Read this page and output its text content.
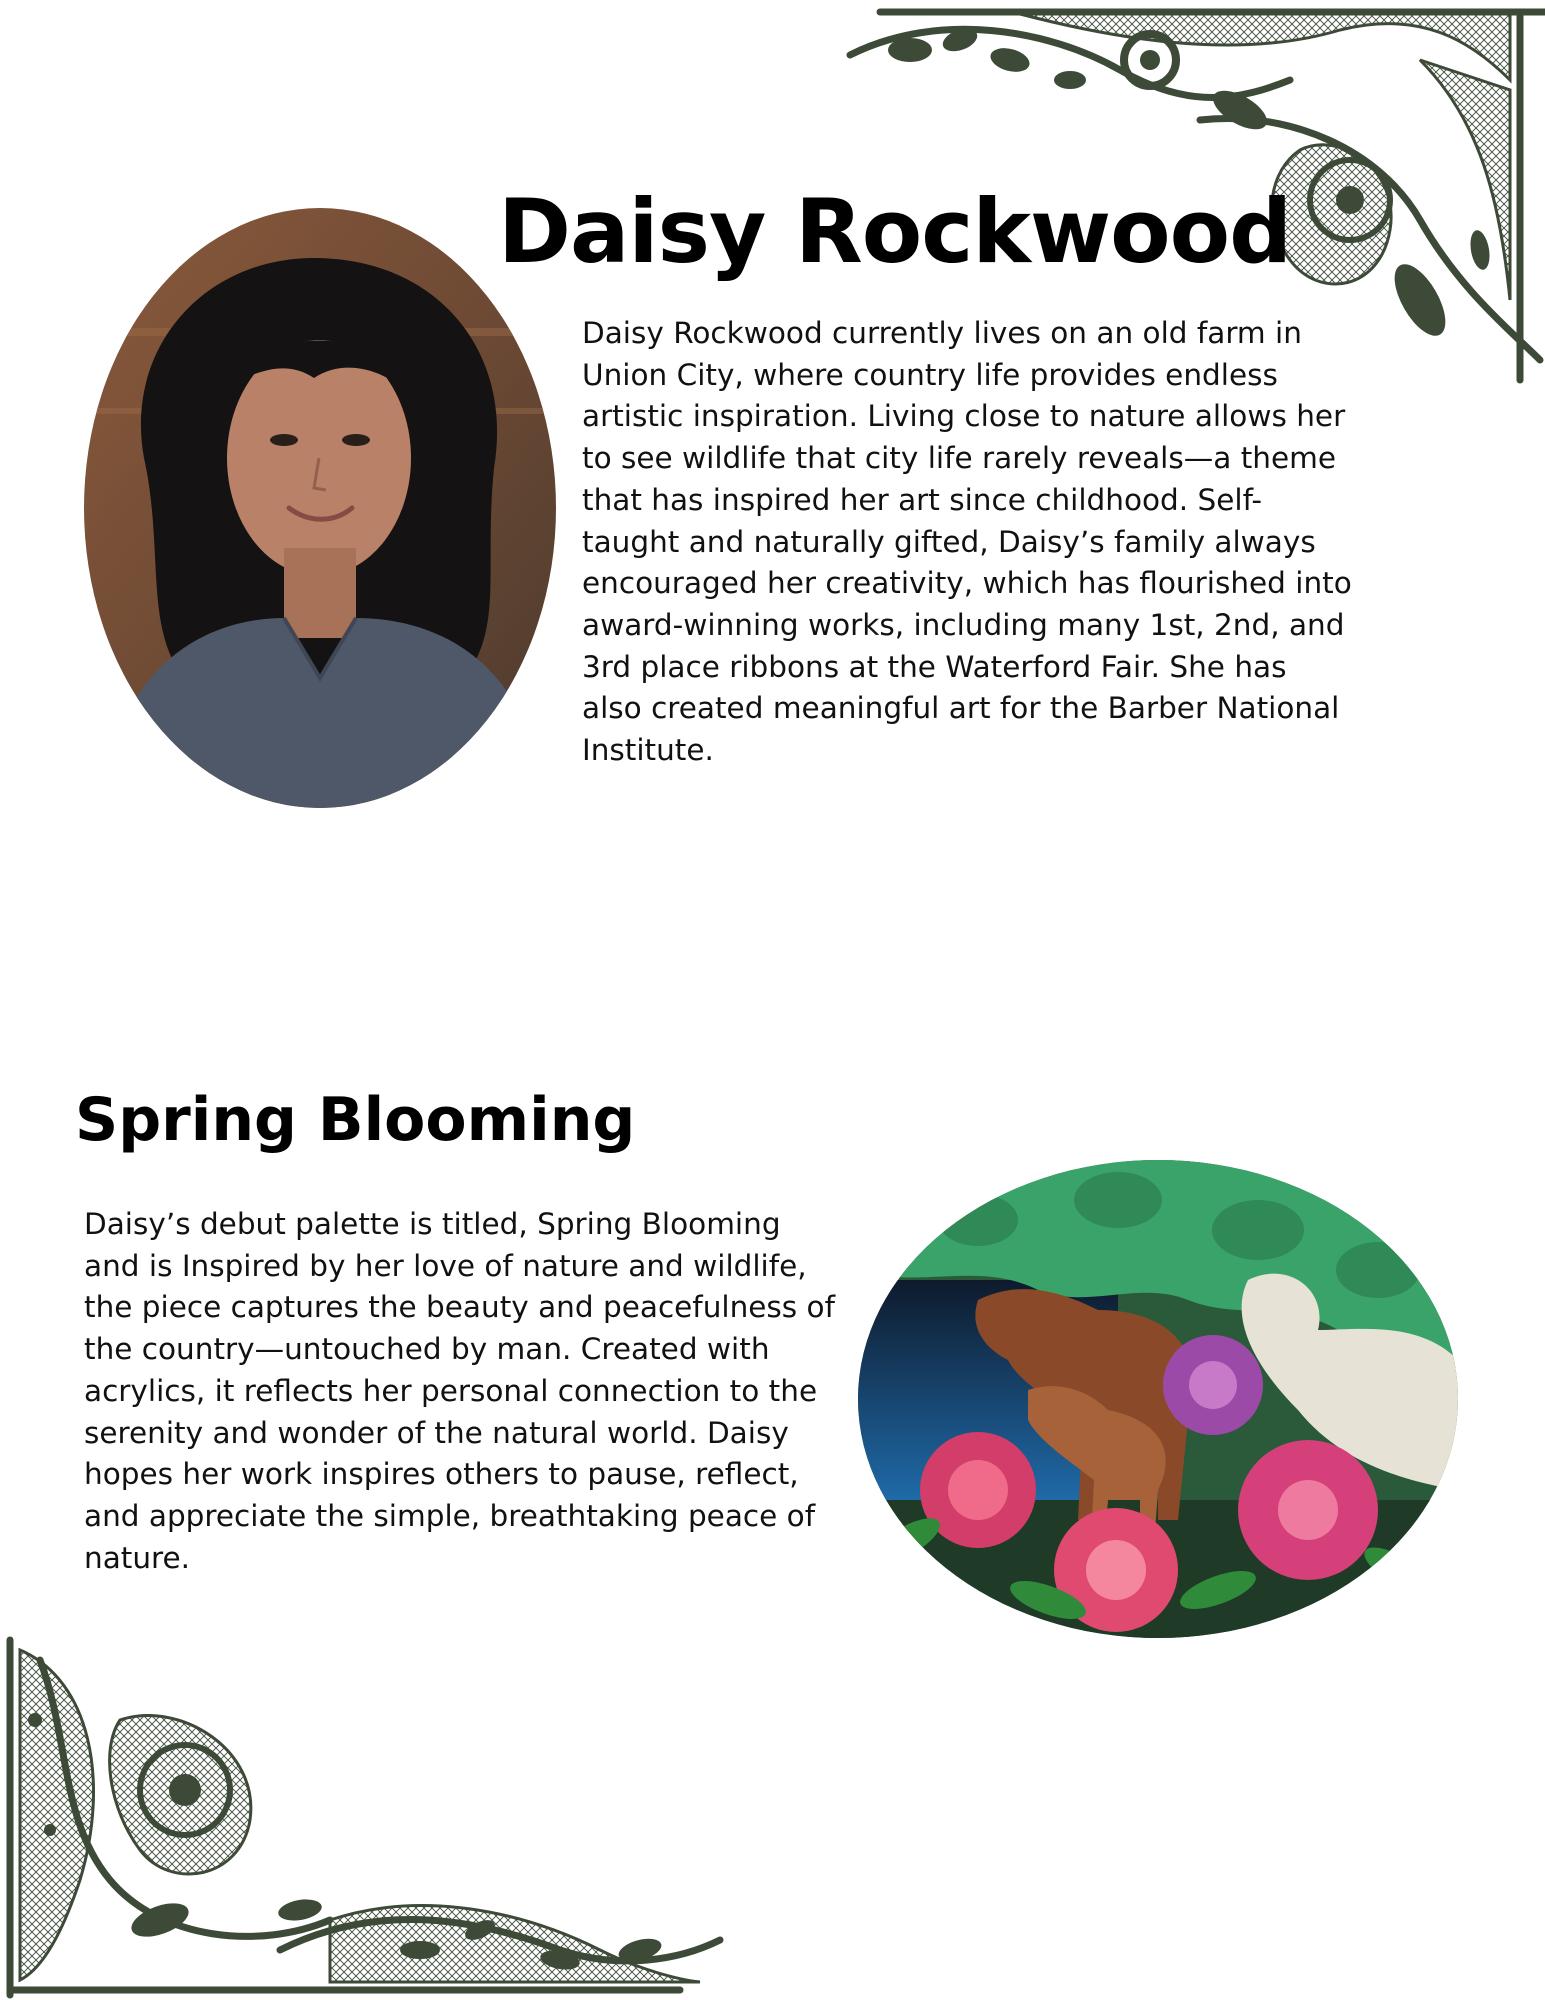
Daisy Rockwood

Daisy Rockwood currently lives on an old farm in Union City, where country life provides endless artistic inspiration. Living close to nature allows her to see wildlife that city life rarely reveals—a theme that has inspired her art since childhood. Self-taught and naturally gifted, Daisy’s family always encouraged her creativity, which has flourished into award-winning works, including many 1st, 2nd, and 3rd place ribbons at the Waterford Fair. She has also created meaningful art for the Barber National Institute.

Spring Blooming

Daisy’s debut palette is titled, Spring Blooming and is Inspired by her love of nature and wildlife, the piece captures the beauty and peacefulness of the country—untouched by man. Created with acrylics, it reflects her personal connection to the serenity and wonder of the natural world. Daisy hopes her work inspires others to pause, reflect, and appreciate the simple, breathtaking peace of nature.
